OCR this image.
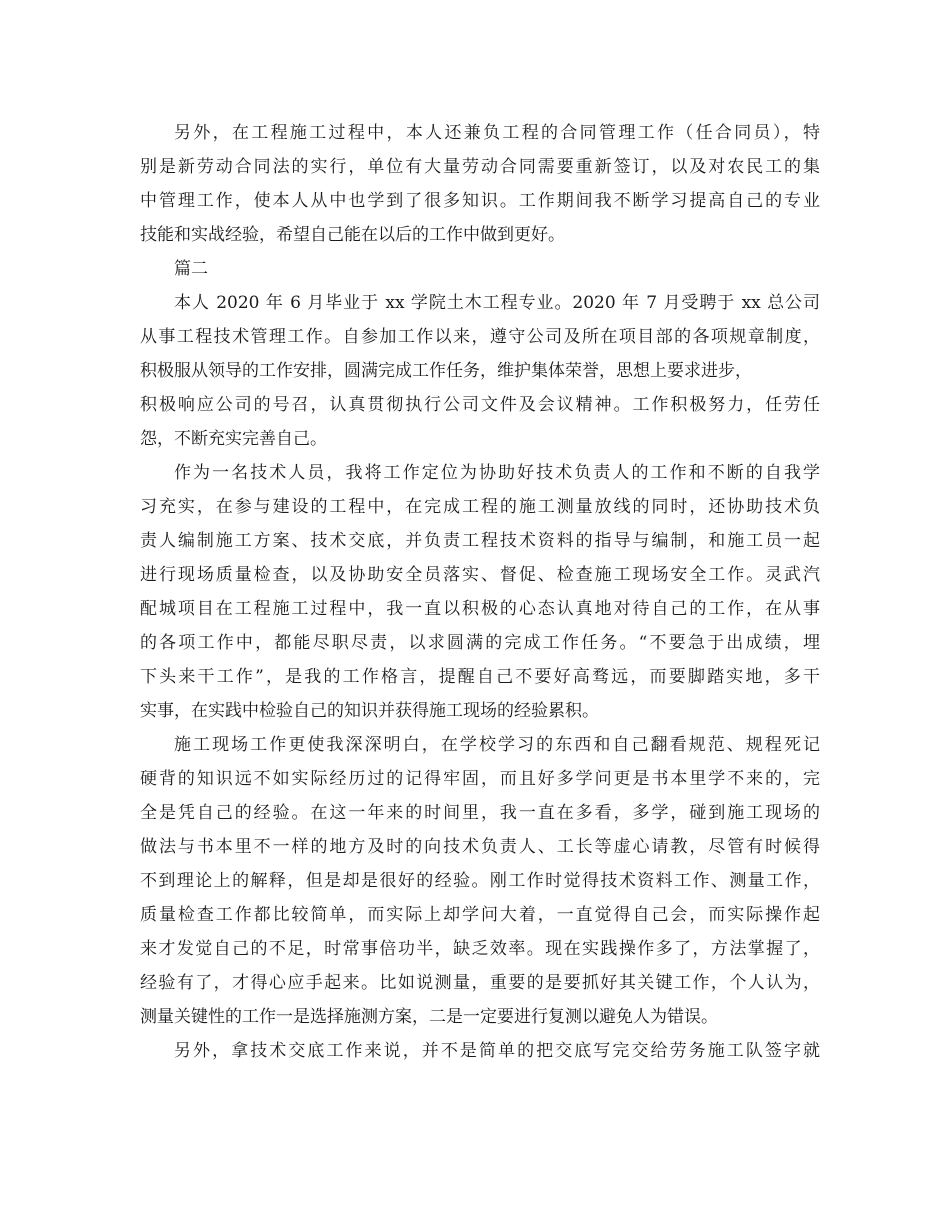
另外，在工程施工过程中，本人还兼负工程的合同管理工作（任合同员），特
别是新劳动合同法的实行，单位有大量劳动合同需要重新签订，以及对农民工的集
中管理工作，使本人从中也学到了很多知识。工作期间我不断学习提高自己的专业
技能和实战经验，希望自己能在以后的工作中做到更好。
篇二
本人 2020 年 6 月毕业于 xx 学院土木工程专业。2020 年 7 月受聘于 xx 总公司
从事工程技术管理工作。自参加工作以来，遵守公司及所在项目部的各项规章制度，
积极服从领导的工作安排，圆满完成工作任务，维护集体荣誉，思想上要求进步，
积极响应公司的号召，认真贯彻执行公司文件及会议精神。工作积极努力，任劳任
怨，不断充实完善自己。
作为一名技术人员，我将工作定位为协助好技术负责人的工作和不断的自我学
习充实，在参与建设的工程中，在完成工程的施工测量放线的同时，还协助技术负
责人编制施工方案、技术交底，并负责工程技术资料的指导与编制，和施工员一起
进行现场质量检查，以及协助安全员落实、督促、检查施工现场安全工作。灵武汽
配城项目在工程施工过程中，我一直以积极的心态认真地对待自己的工作，在从事
的各项工作中，都能尽职尽责，以求圆满的完成工作任务。“不要急于出成绩，埋
下头来干工作”，是我的工作格言，提醒自己不要好高骛远，而要脚踏实地，多干
实事，在实践中检验自己的知识并获得施工现场的经验累积。
施工现场工作更使我深深明白，在学校学习的东西和自己翻看规范、规程死记
硬背的知识远不如实际经历过的记得牢固，而且好多学问更是书本里学不来的，完
全是凭自己的经验。在这一年来的时间里，我一直在多看，多学，碰到施工现场的
做法与书本里不一样的地方及时的向技术负责人、工长等虚心请教，尽管有时候得
不到理论上的解释，但是却是很好的经验。刚工作时觉得技术资料工作、测量工作，
质量检查工作都比较简单，而实际上却学问大着，一直觉得自己会，而实际操作起
来才发觉自己的不足，时常事倍功半，缺乏效率。现在实践操作多了，方法掌握了，
经验有了，才得心应手起来。比如说测量，重要的是要抓好其关键工作，个人认为，
测量关键性的工作一是选择施测方案，二是一定要进行复测以避免人为错误。
另外，拿技术交底工作来说，并不是简单的把交底写完交给劳务施工队签字就
